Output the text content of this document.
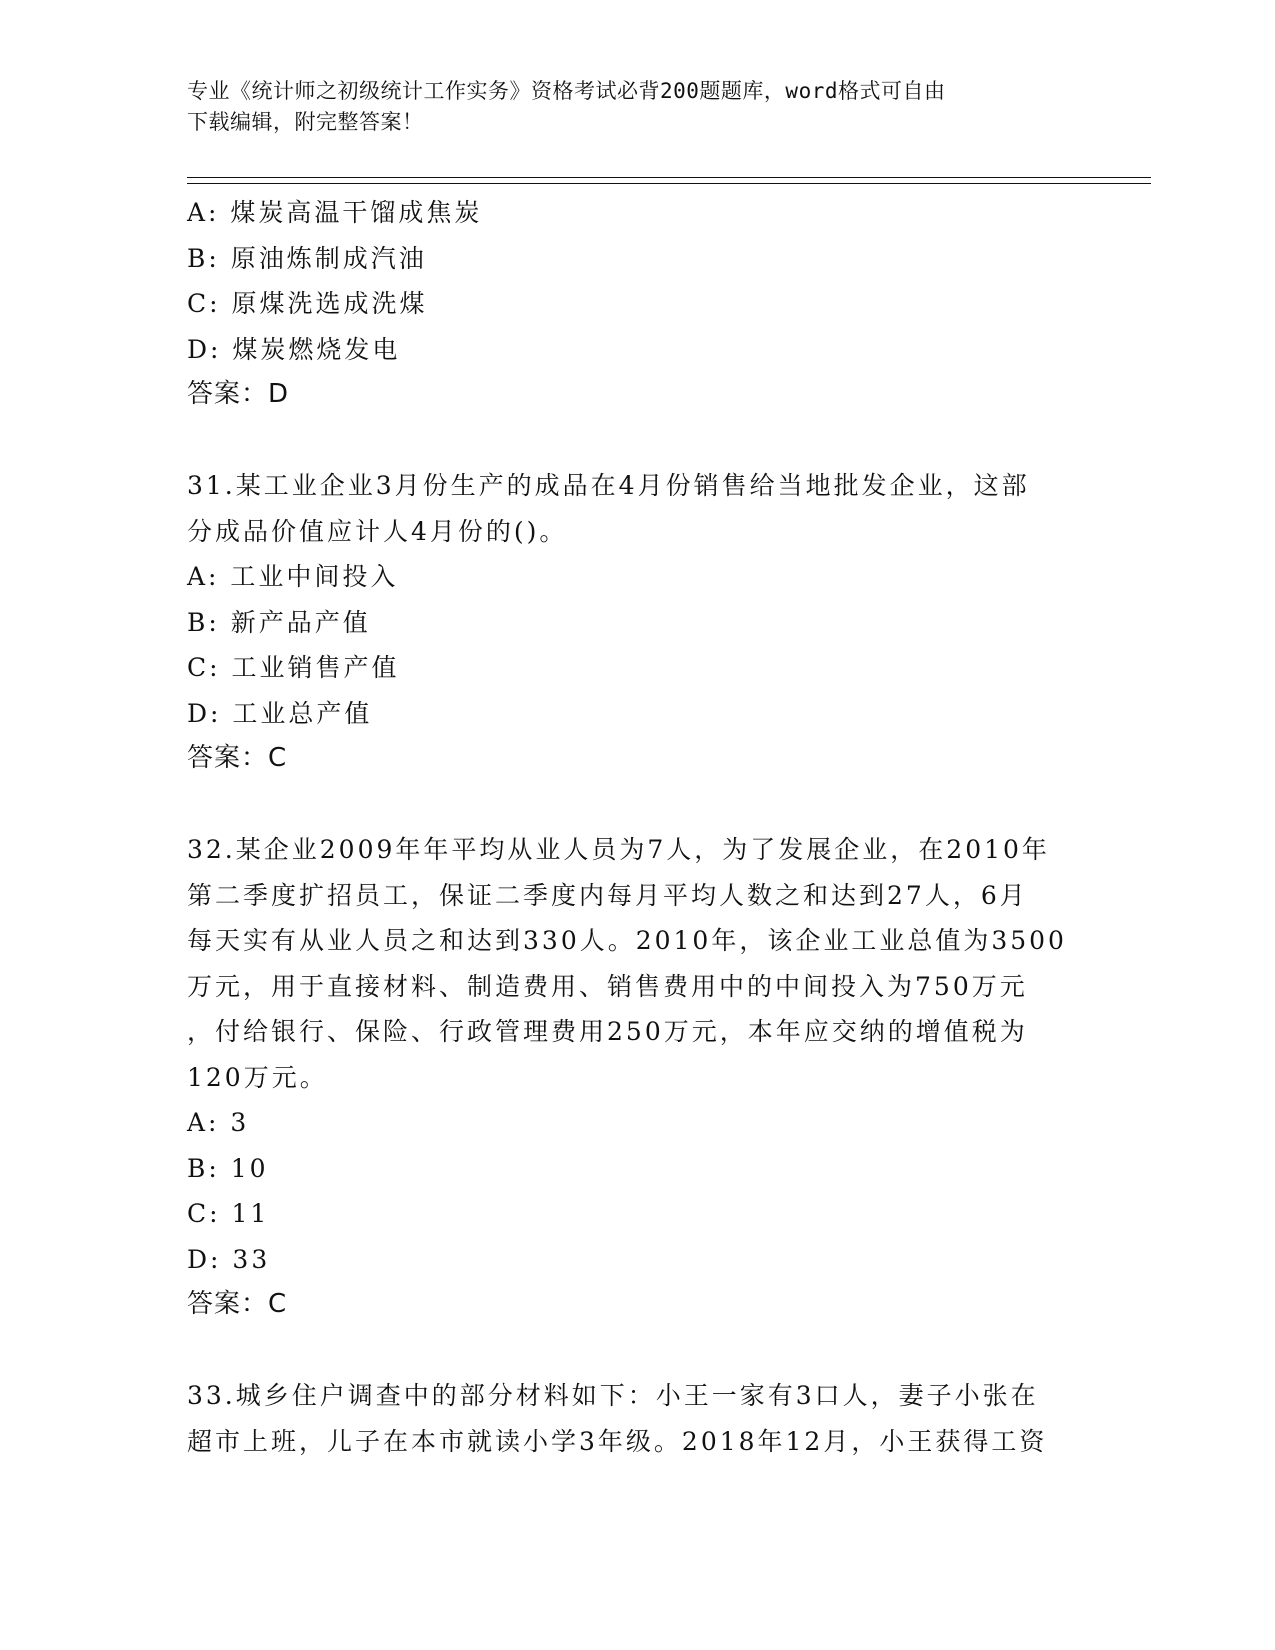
专业《统计师之初级统计工作实务》资格考试必背200题题库，word格式可自由
下载编辑，附完整答案！
A: 煤炭高温干馏成焦炭
B: 原油炼制成汽油
C: 原煤洗选成洗煤
D: 煤炭燃烧发电
答案：D
31.某工业企业3月份生产的成品在4月份销售给当地批发企业，这部
分成品价值应计人4月份的()。
A: 工业中间投入
B: 新产品产值
C: 工业销售产值
D: 工业总产值
答案：C
32.某企业2009年年平均从业人员为7人，为了发展企业，在2010年
第二季度扩招员工，保证二季度内每月平均人数之和达到27人，6月
每天实有从业人员之和达到330人。2010年，该企业工业总值为3500
万元，用于直接材料、制造费用、销售费用中的中间投入为750万元
，付给银行、保险、行政管理费用250万元，本年应交纳的增值税为
120万元。
A: 3
B: 10
C: 11
D: 33
答案：C
33.城乡住户调查中的部分材料如下：小王一家有3口人，妻子小张在
超市上班，儿子在本市就读小学3年级。2018年12月，小王获得工资
